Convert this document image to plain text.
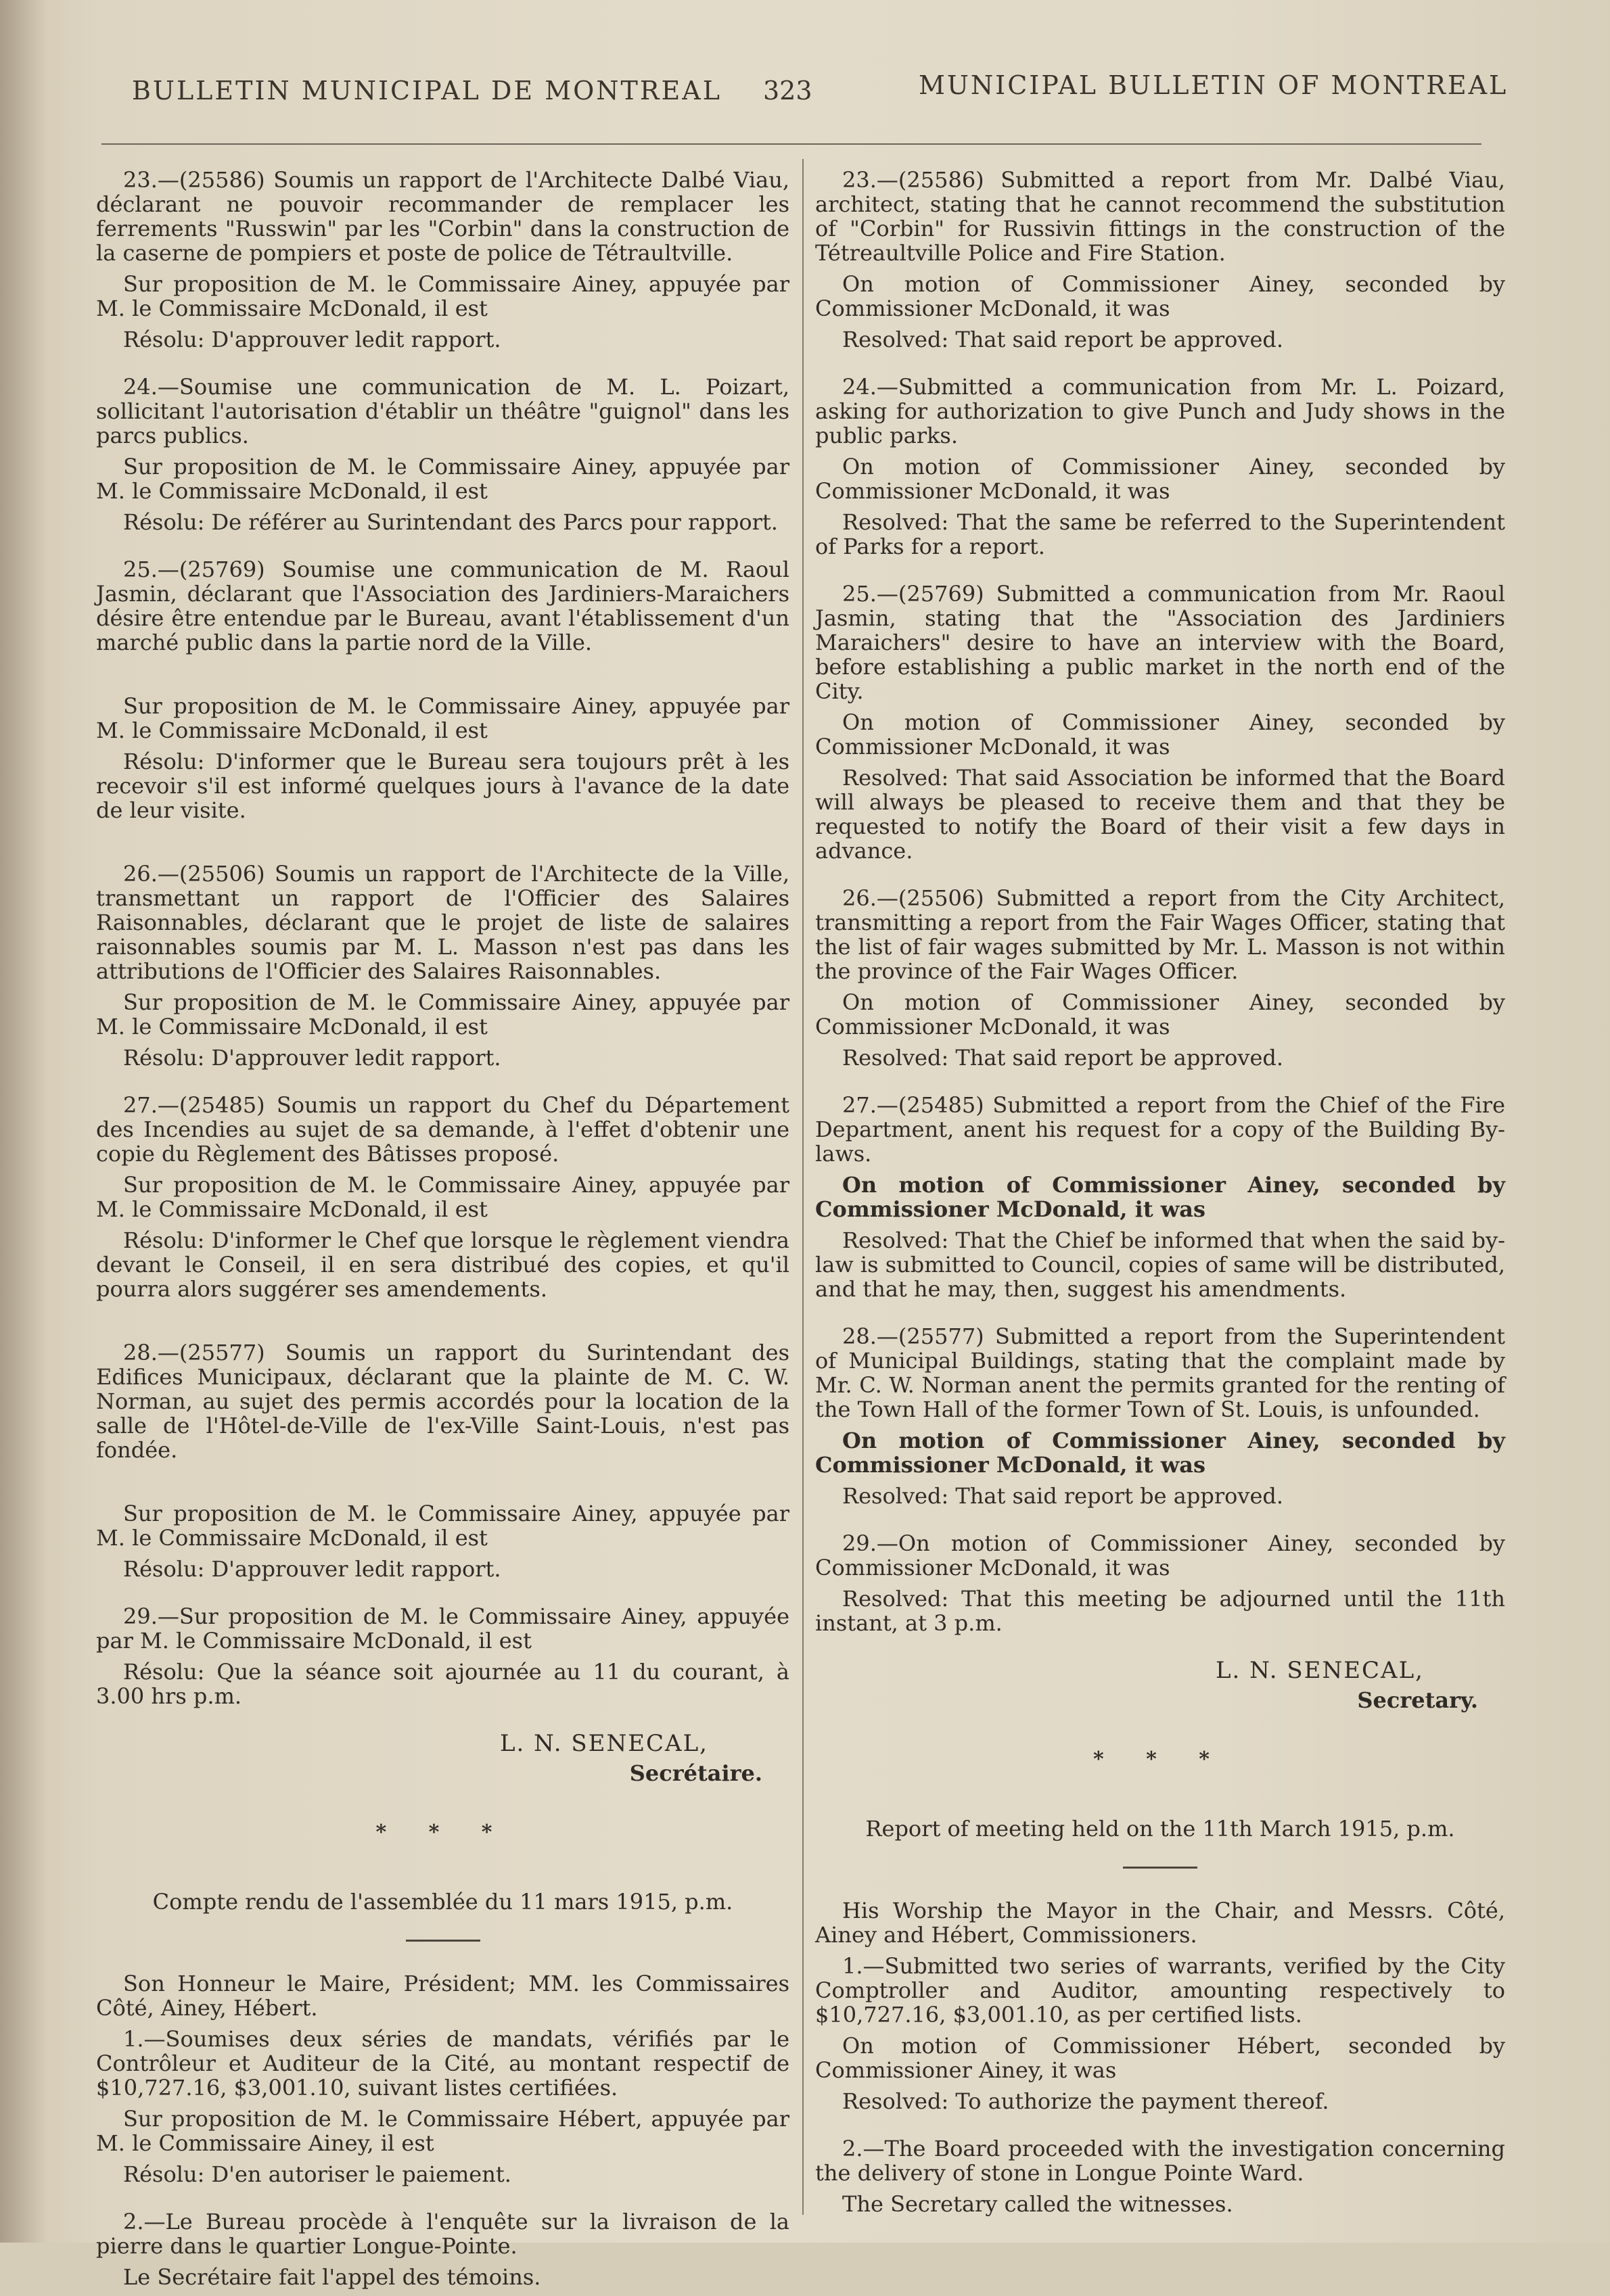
BULLETIN MUNICIPAL DE MONTREAL 323	MUNICIPAL BULLETIN OF MONTREAL

23.—(25586) Soumis un rapport de l'Architecte Dalbé Viau, déclarant ne pouvoir recommander de remplacer les ferrements "Russwin" par les "Corbin" dans la construction de la caserne de pompiers et poste de police de Tétraultville.

Sur proposition de M. le Commissaire Ainey, appuyée par M. le Commissaire McDonald, il est

Résolu: D'approuver ledit rapport.

24.—Soumise une communication de M. L. Poizart, sollicitant l'autorisation d'établir un théâtre "guignol" dans les parcs publics.

Sur proposition de M. le Commissaire Ainey, appuyée par M. le Commissaire McDonald, il est

Résolu: De référer au Surintendant des Parcs pour rapport.

25.—(25769) Soumise une communication de M. Raoul Jasmin, déclarant que l'Association des Jardiniers-Maraichers désire être entendue par le Bureau, avant l'établissement d'un marché public dans la partie nord de la Ville.

Sur proposition de M. le Commissaire Ainey, appuyée par M. le Commissaire McDonald, il est

Résolu: D'informer que le Bureau sera toujours prêt à les recevoir s'il est informé quelques jours à l'avance de la date de leur visite.

26.—(25506) Soumis un rapport de l'Architecte de la Ville, transmettant un rapport de l'Officier des Salaires Raisonnables, déclarant que le projet de liste de salaires raisonnables soumis par M. L. Masson n'est pas dans les attributions de l'Officier des Salaires Raisonnables.

Sur proposition de M. le Commissaire Ainey, appuyée par M. le Commissaire McDonald, il est

Résolu: D'approuver ledit rapport.

27.—(25485) Soumis un rapport du Chef du Département des Incendies au sujet de sa demande, à l'effet d'obtenir une copie du Règlement des Bâtisses proposé.

Sur proposition de M. le Commissaire Ainey, appuyée par M. le Commissaire McDonald, il est

Résolu: D'informer le Chef que lorsque le règlement viendra devant le Conseil, il en sera distribué des copies, et qu'il pourra alors suggérer ses amendements.

28.—(25577) Soumis un rapport du Surintendant des Edifices Municipaux, déclarant que la plainte de M. C. W. Norman, au sujet des permis accordés pour la location de la salle de l'Hôtel-de-Ville de l'ex-Ville Saint-Louis, n'est pas fondée.

Sur proposition de M. le Commissaire Ainey, appuyée par M. le Commissaire McDonald, il est

Résolu: D'approuver ledit rapport.

29.—Sur proposition de M. le Commissaire Ainey, appuyée par M. le Commissaire McDonald, il est

Résolu: Que la séance soit ajournée au 11 du courant, à 3.00 hrs p.m.

L. N. SENECAL,
Secrétaire.
* * *

Compte rendu de l'assemblée du 11 mars 1915, p.m.

Son Honneur le Maire, Président; MM. les Commissaires Côté, Ainey, Hébert.

1.—Soumises deux séries de mandats, vérifiés par le Contrôleur et Auditeur de la Cité, au montant respectif de $10,727.16, $3,001.10, suivant listes certifiées.

Sur proposition de M. le Commissaire Hébert, appuyée par M. le Commissaire Ainey, il est

Résolu: D'en autoriser le paiement.

2.—Le Bureau procède à l'enquête sur la livraison de la pierre dans le quartier Longue-Pointe.

Le Secrétaire fait l'appel des témoins.

23.—(25586) Submitted a report from Mr. Dalbé Viau, architect, stating that he cannot recommend the substitution of "Corbin" for Russivin fittings in the construction of the Tétreaultville Police and Fire Station.

On motion of Commissioner Ainey, seconded by Commissioner McDonald, it was

Resolved: That said report be approved.

24.—Submitted a communication from Mr. L. Poizard, asking for authorization to give Punch and Judy shows in the public parks.

On motion of Commissioner Ainey, seconded by Commissioner McDonald, it was

Resolved: That the same be referred to the Superintendent of Parks for a report.

25.—(25769) Submitted a communication from Mr. Raoul Jasmin, stating that the "Association des Jardiniers Maraichers" desire to have an interview with the Board, before establishing a public market in the north end of the City.

On motion of Commissioner Ainey, seconded by Commissioner McDonald, it was

Resolved: That said Association be informed that the Board will always be pleased to receive them and that they be requested to notify the Board of their visit a few days in advance.

26.—(25506) Submitted a report from the City Architect, transmitting a report from the Fair Wages Officer, stating that the list of fair wages submitted by Mr. L. Masson is not within the province of the Fair Wages Officer.

On motion of Commissioner Ainey, seconded by Commissioner McDonald, it was

Resolved: That said report be approved.

27.—(25485) Submitted a report from the Chief of the Fire Department, anent his request for a copy of the Building By-laws.

On motion of Commissioner Ainey, seconded by Commissioner McDonald, it was

Resolved: That the Chief be informed that when the said by-law is submitted to Council, copies of same will be distributed, and that he may, then, suggest his amendments.

28.—(25577) Submitted a report from the Superintendent of Municipal Buildings, stating that the complaint made by Mr. C. W. Norman anent the permits granted for the renting of the Town Hall of the former Town of St. Louis, is unfounded.

On motion of Commissioner Ainey, seconded by Commissioner McDonald, it was

Resolved: That said report be approved.

29.—On motion of Commissioner Ainey, seconded by Commissioner McDonald, it was

Resolved: That this meeting be adjourned until the 11th instant, at 3 p.m.

L. N. SENECAL,
Secretary.
* * *

Report of meeting held on the 11th March 1915, p.m.

His Worship the Mayor in the Chair, and Messrs. Côté, Ainey and Hébert, Commissioners.

1.—Submitted two series of warrants, verified by the City Comptroller and Auditor, amounting respectively to $10,727.16, $3,001.10, as per certified lists.

On motion of Commissioner Hébert, seconded by Commissioner Ainey, it was

Resolved: To authorize the payment thereof.

2.—The Board proceeded with the investigation concerning the delivery of stone in Longue Pointe Ward.

The Secretary called the witnesses.
